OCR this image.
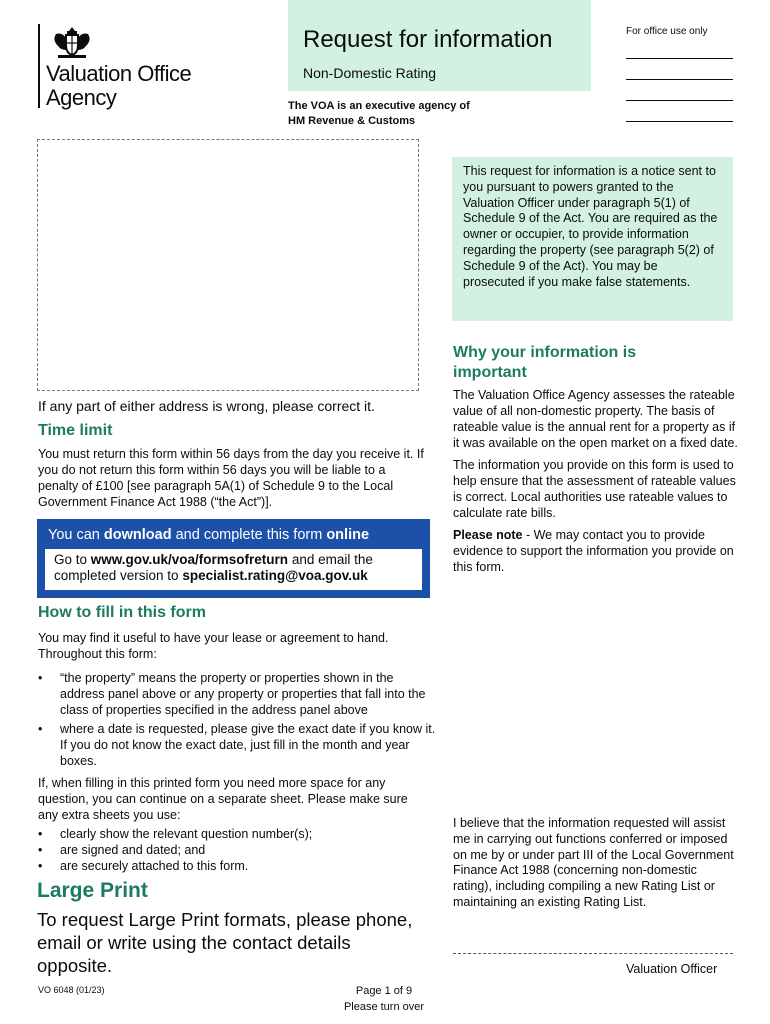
Valuation Office
Agency
Request for information
Non-Domestic Rating
The VOA is an executive agency of
HM Revenue & Customs
For office use only
If any part of either address is wrong, please correct it.
Time limit
You must return this form within 56 days from the day you receive it. If you do not return this form within 56 days you will be liable to a penalty of £100 [see paragraph 5A(1) of Schedule 9 to the Local Government Finance Act 1988 (“the Act”)].
You can download and complete this form online
Go to www.gov.uk/voa/formsofreturn and email the completed version to specialist.rating@voa.gov.uk
How to fill in this form
You may find it useful to have your lease or agreement to hand.
Throughout this form:
• “the property” means the property or properties shown in the address panel above or any property or properties that fall into the class of properties specified in the address panel above
• where a date is requested, please give the exact date if you know it. If you do not know the exact date, just fill in the month and year boxes.
If, when filling in this printed form you need more space for any question, you can continue on a separate sheet. Please make sure any extra sheets you use:
• clearly show the relevant question number(s);
• are signed and dated; and
• are securely attached to this form.
Large Print
To request Large Print formats, please phone, email or write using the contact details opposite.
This request for information is a notice sent to you pursuant to powers granted to the Valuation Officer under paragraph 5(1) of Schedule 9 of the Act. You are required as the owner or occupier, to provide information regarding the property (see paragraph 5(2) of Schedule 9 of the Act). You may be prosecuted if you make false statements.
Why your information is important

The Valuation Office Agency assesses the rateable value of all non-domestic property. The basis of rateable value is the annual rent for a property as if it was available on the open market on a fixed date.

The information you provide on this form is used to help ensure that the assessment of rateable values is correct. Local authorities use rateable values to calculate rate bills.

Please note - We may contact you to provide evidence to support the information you provide on this form.

I believe that the information requested will assist me in carrying out functions conferred or imposed on me by or under part III of the Local Government Finance Act 1988 (concerning non-domestic rating), including compiling a new Rating List or maintaining an existing Rating List.
Valuation Officer
VO 6048 (01/23)	Page 1 of 9
Please turn over
